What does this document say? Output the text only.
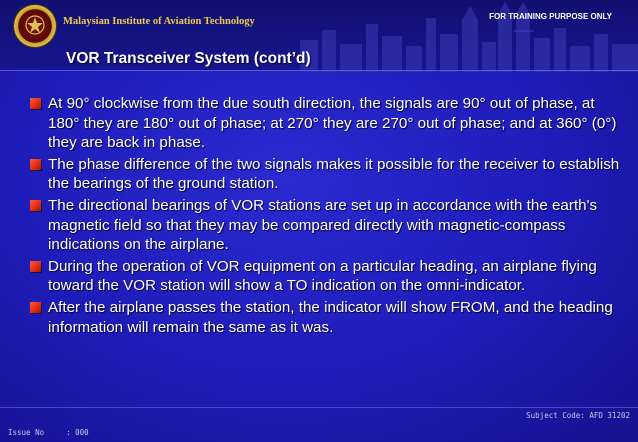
Malaysian Institute of Aviation Technology	FOR TRAINING PURPOSE ONLY
VOR Transceiver System (cont’d)
At 90° clockwise from the due south direction, the signals are 90° out of phase, at 180° they are 180° out of phase; at 270° they are 270° out of phase; and at 360° (0°) they are back in phase.
The phase difference of the two signals makes it possible for the receiver to establish the bearings of the ground station.
The directional bearings of VOR stations are set up in accordance with the earth's magnetic field so that they may be compared directly with magnetic-compass indications on the airplane.
During the operation of VOR equipment on a particular heading, an airplane flying toward the VOR station will show a TO indication on the omni-indicator.
After the airplane passes the station, the indicator will show FROM, and the heading information will remain the same as it was.
Subject Code: AFD 31202
Issue No	: 000
